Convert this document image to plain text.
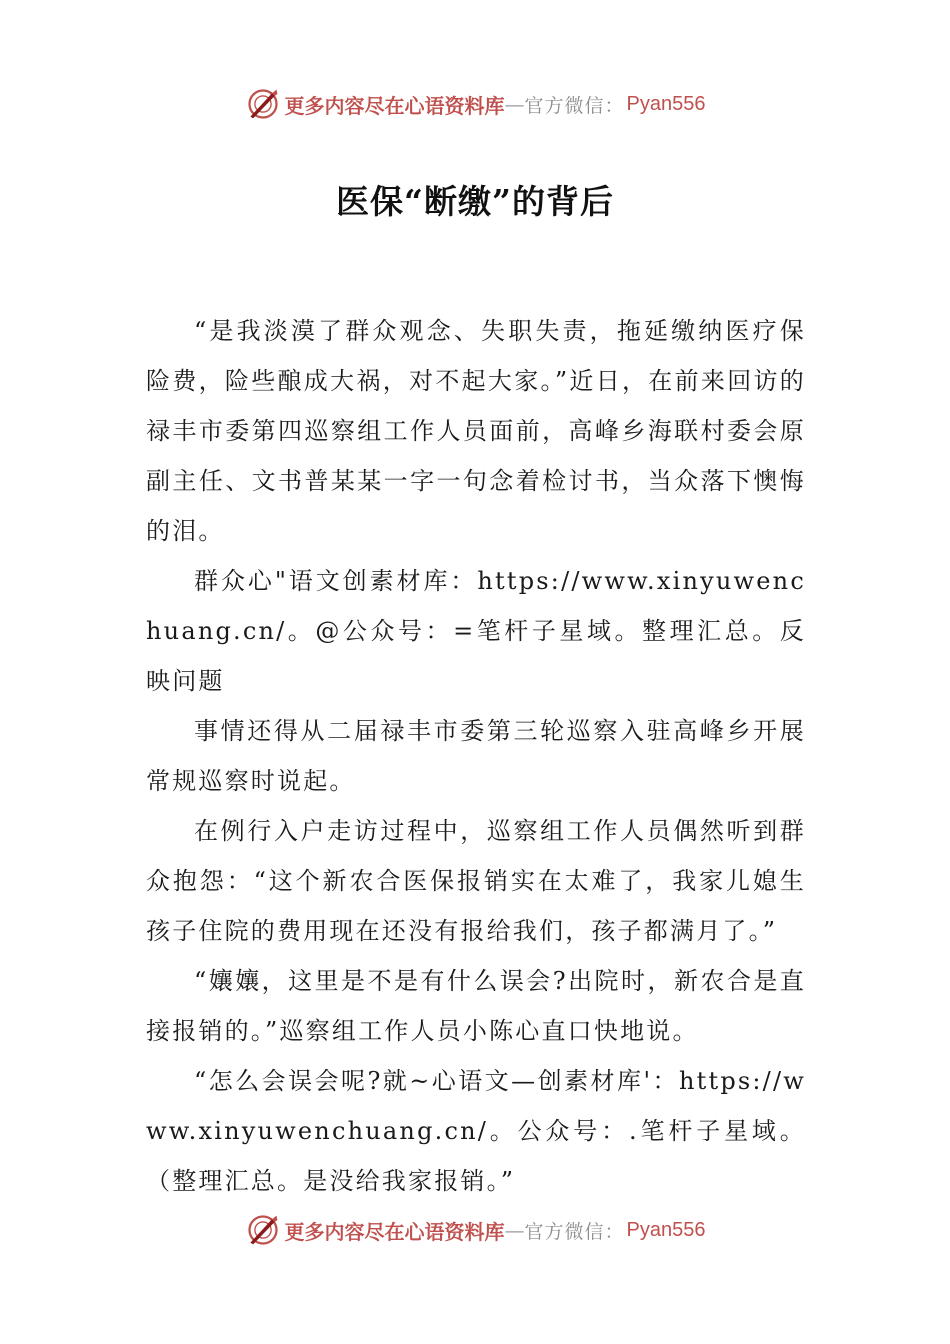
更多内容尽在心语资料库 — 官方微信： Pyan556
医保“断缴”的背后

“是我淡漠了群众观念、失职失责，拖延缴纳医疗保险费，险些酿成大祸，对不起大家。”近日，在前来回访的禄丰市委第四巡察组工作人员面前，高峰乡海联村委会原副主任、文书普某某一字一句念着检讨书，当众落下懊悔的泪。

群众心"语文创素材库：https://www.xinyuwenchuang.cn/。@公众号：=笔杆子星域。整理汇总。反映问题

事情还得从二届禄丰市委第三轮巡察入驻高峰乡开展常规巡察时说起。

在例行入户走访过程中，巡察组工作人员偶然听到群众抱怨：“这个新农合医保报销实在太难了，我家儿媳生孩子住院的费用现在还没有报给我们，孩子都满月了。”

“孃孃，这里是不是有什么误会?出院时，新农合是直接报销的。”巡察组工作人员小陈心直口快地说。

“怎么会误会呢?就~心语文—创素材库'：https://www.xinyuwenchuang.cn/。公众号：.笔杆子星域。（整理汇总。是没给我家报销。”

更多内容尽在心语资料库 — 官方微信： Pyan556
